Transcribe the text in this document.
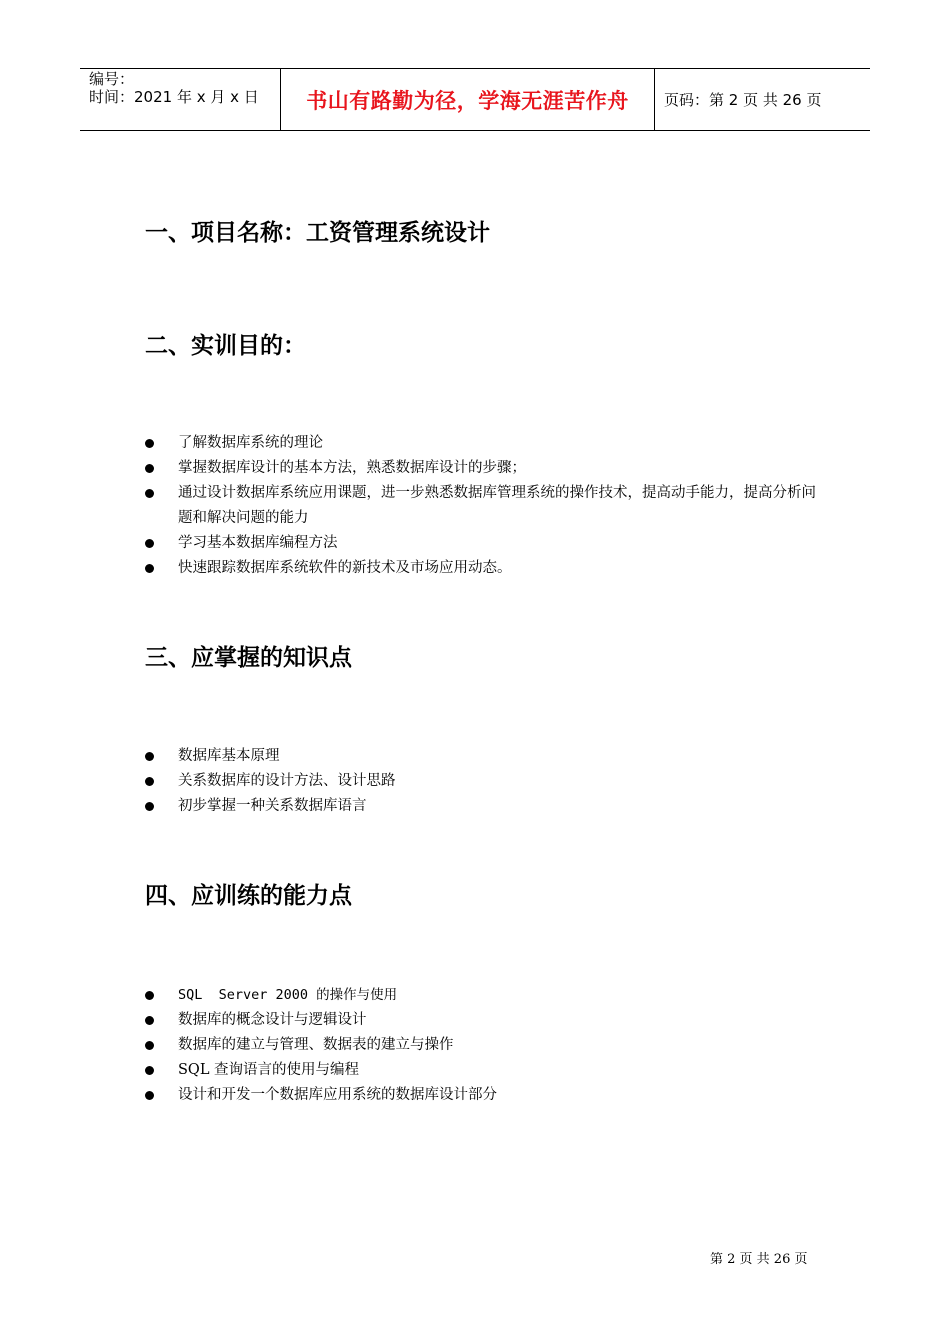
编号：
时间：2021 年 x 月 x 日	书山有路勤为径，学海无涯苦作舟	页码：第 2 页 共 26 页
一、项目名称：工资管理系统设计
二、实训目的：
了解数据库系统的理论
掌握数据库设计的基本方法，熟悉数据库设计的步骤；
通过设计数据库系统应用课题，进一步熟悉数据库管理系统的操作技术，提高动手能力，提高分析问题和解决问题的能力
学习基本数据库编程方法
快速跟踪数据库系统软件的新技术及市场应用动态。
三、应掌握的知识点
数据库基本原理
关系数据库的设计方法、设计思路
初步掌握一种关系数据库语言
四、应训练的能力点
SQL  Server 2000 的操作与使用
数据库的概念设计与逻辑设计
数据库的建立与管理、数据表的建立与操作
SQL 查询语言的使用与编程
设计和开发一个数据库应用系统的数据库设计部分
第 2 页 共 26 页
